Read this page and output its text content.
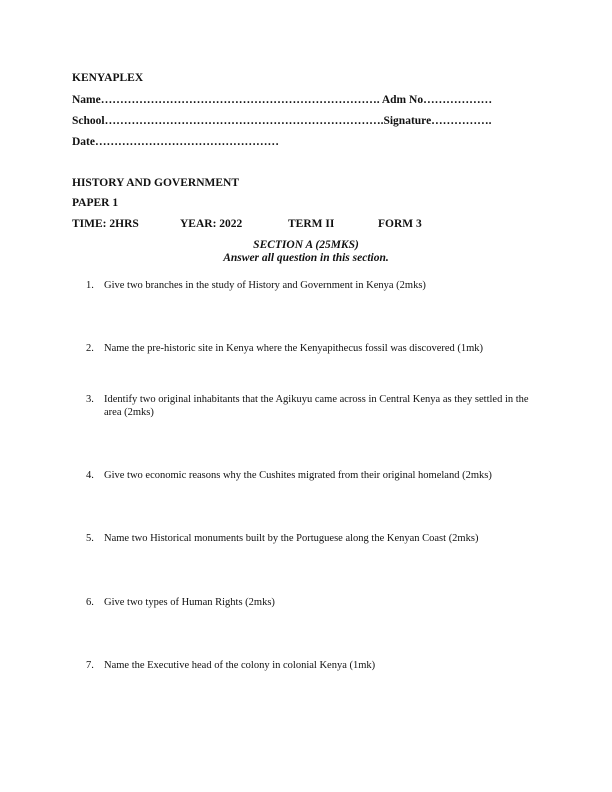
KENYAPLEX
Name………………………………………………………………. Adm No………………
School……………………………………………………………….Signature…………….
Date…………………………………………
HISTORY AND GOVERNMENT
PAPER 1
TIME: 2HRS	YEAR: 2022	TERM II	FORM 3
SECTION A (25MKS)
Answer all question in this section.
1. Give two branches in the study of History and Government in Kenya (2mks)
2. Name the pre-historic site in Kenya where the Kenyapithecus fossil was discovered (1mk)
3. Identify two original inhabitants that the Agikuyu came across in Central Kenya as they settled in the area (2mks)
4. Give two economic reasons why the Cushites migrated from their original homeland (2mks)
5. Name two Historical monuments built by the Portuguese along the Kenyan Coast (2mks)
6. Give two types of Human Rights (2mks)
7. Name the Executive head of the colony in colonial Kenya (1mk)
